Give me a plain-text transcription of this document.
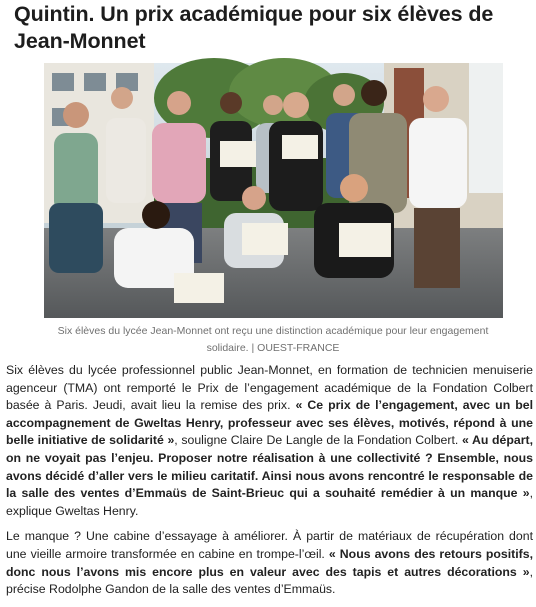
Quintin. Un prix académique pour six élèves de Jean-Monnet
Six élèves du lycée Jean-Monnet ont reçu une distinction académique pour leur engagement solidaire. | OUEST-FRANCE

Six élèves du lycée professionnel public Jean-Monnet, en formation de technicien menuiserie agenceur (TMA) ont remporté le Prix de l’engagement académique de la Fondation Colbert basée à Paris. Jeudi, avait lieu la remise des prix. « Ce prix de l’engagement, avec un bel accompagnement de Gweltas Henry, professeur avec ses élèves, motivés, répond à une belle initiative de solidarité », souligne Claire De Langle de la Fondation Colbert. « Au départ, on ne voyait pas l’enjeu. Proposer notre réalisation à une collectivité ? Ensemble, nous avons décidé d’aller vers le milieu caritatif. Ainsi nous avons rencontré le responsable de la salle des ventes d’Emmaüs de Saint-Brieuc qui a souhaité remédier à un manque », explique Gweltas Henry.

Le manque ? Une cabine d’essayage à améliorer. À partir de matériaux de récupération dont une vieille armoire transformée en cabine en trompe-l’œil. « Nous avons des retours positifs, donc nous l’avons mis encore plus en valeur avec des tapis et autres décorations », précise Rodolphe Gandon de la salle des ventes d’Emmaüs.
